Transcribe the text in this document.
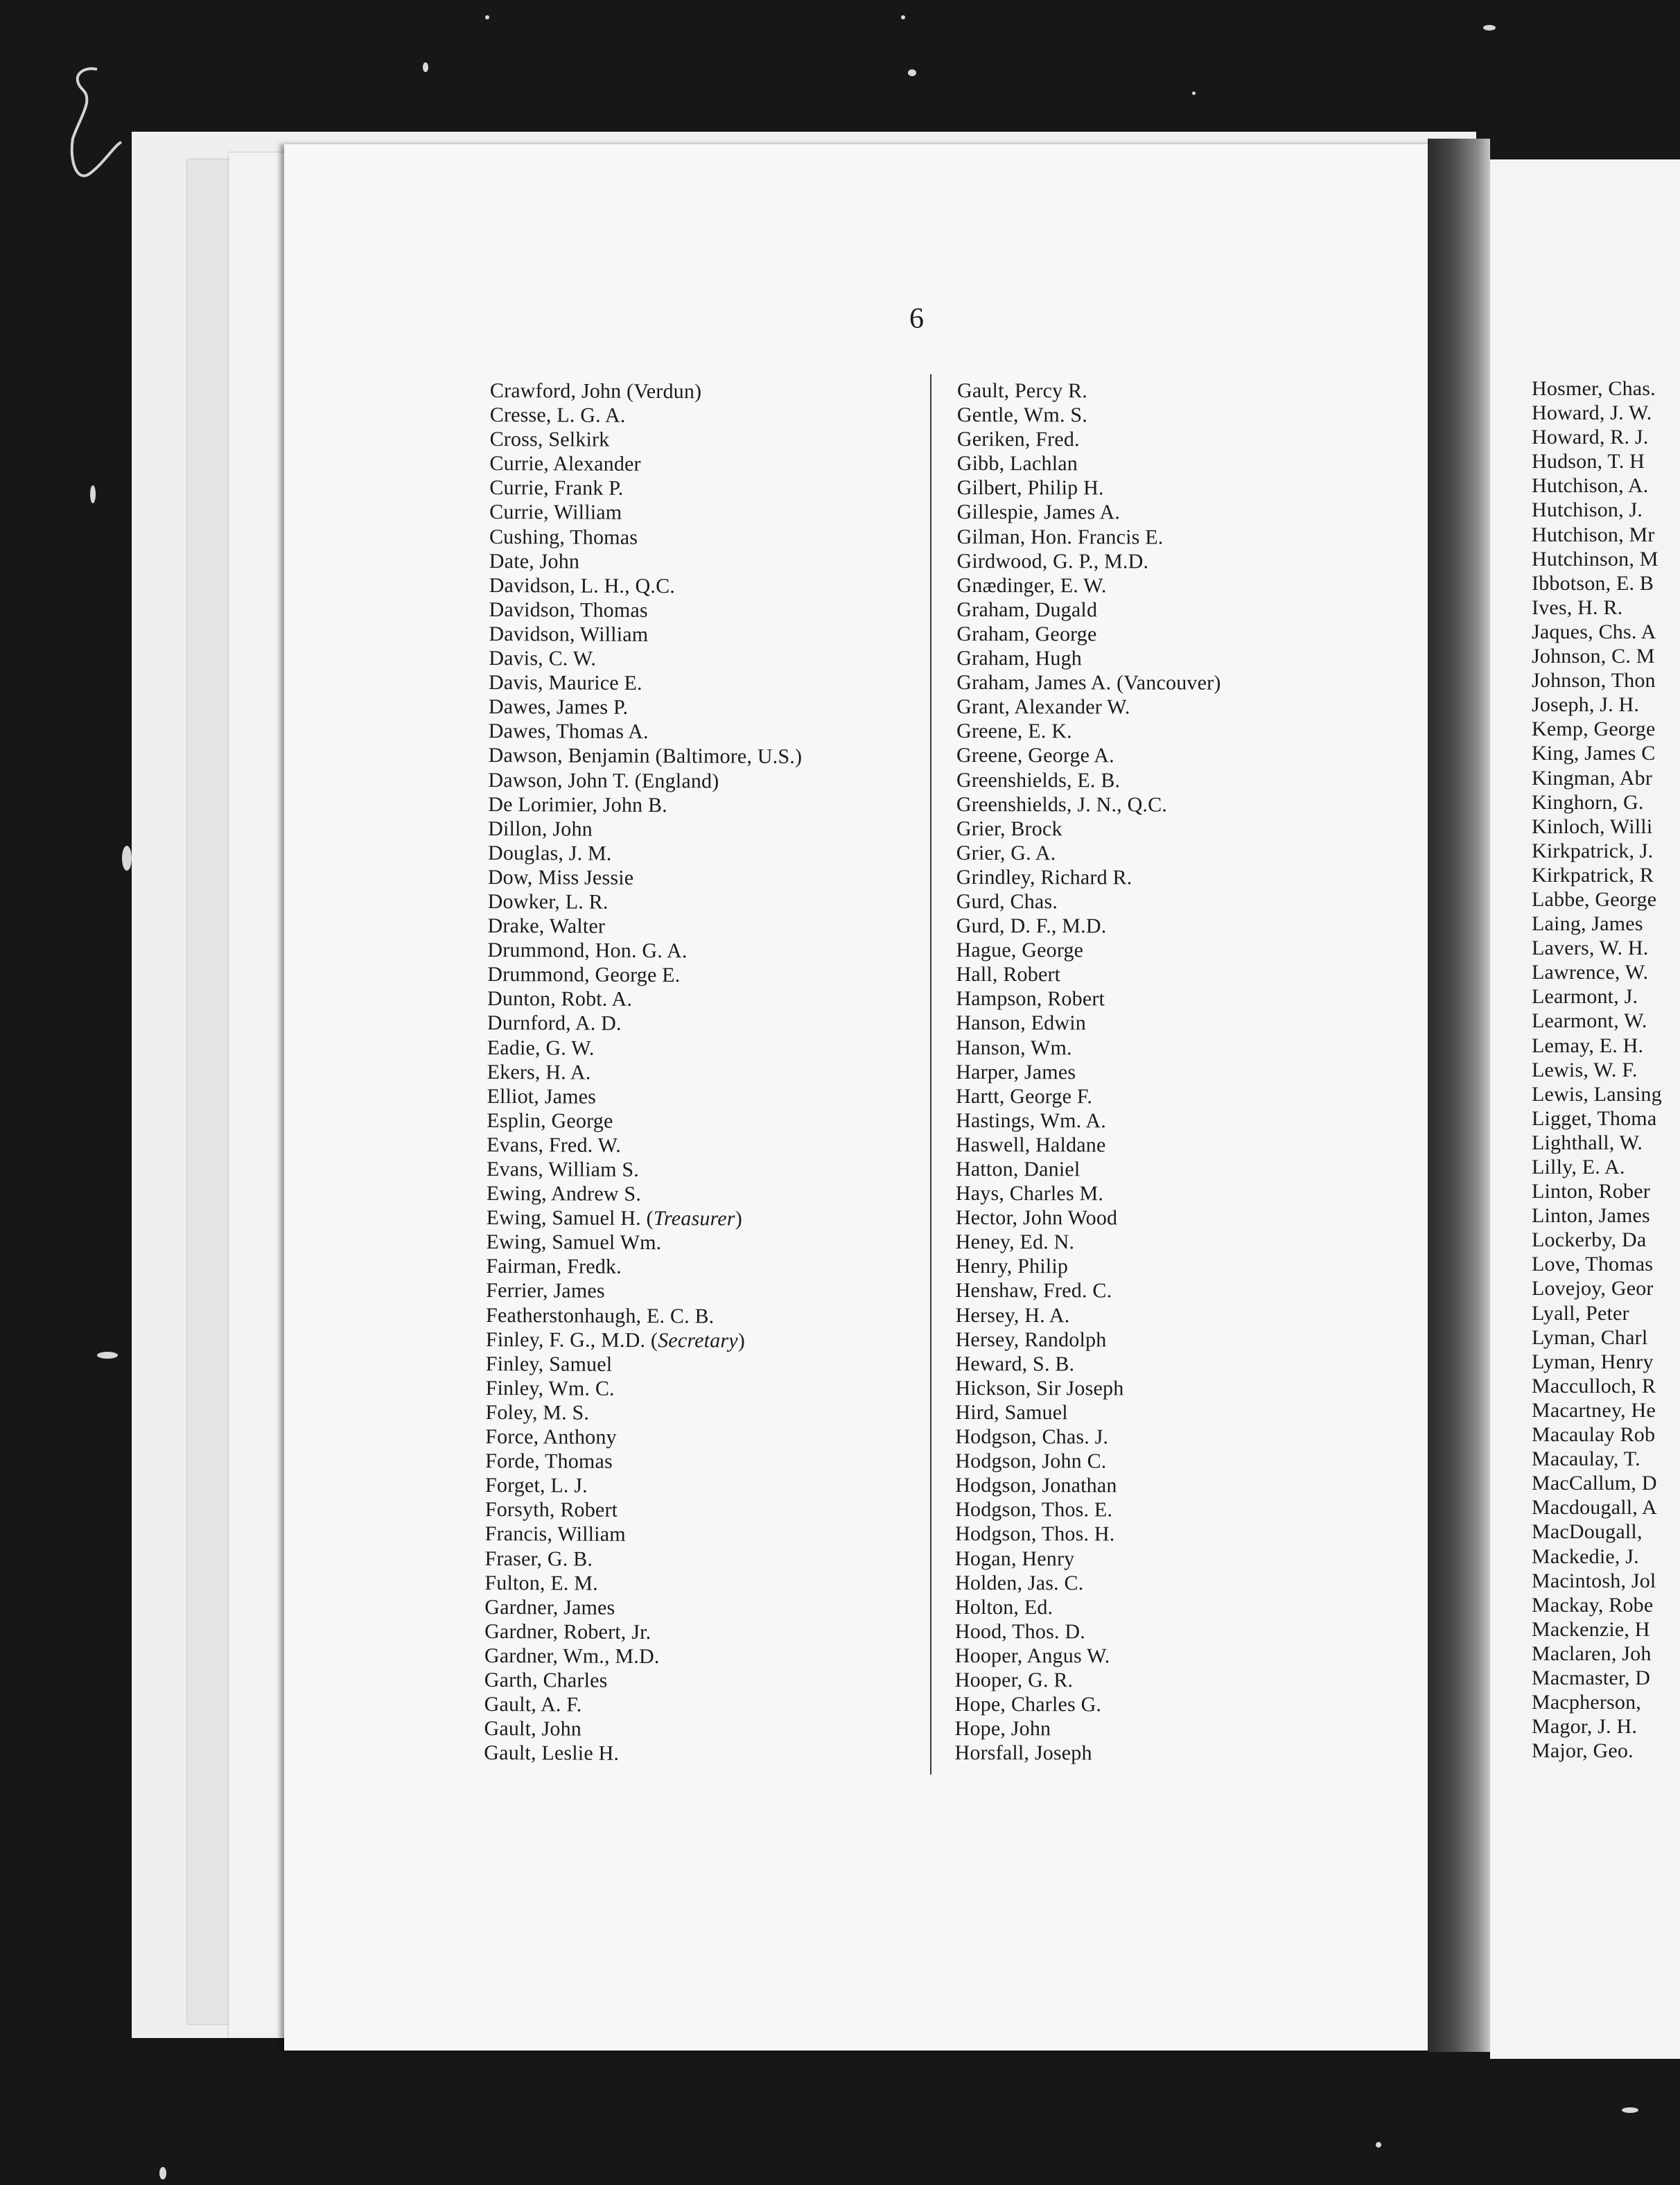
6
Crawford, John (Verdun)
Cresse, L. G. A.
Cross, Selkirk
Currie, Alexander
Currie, Frank P.
Currie, William
Cushing, Thomas
Date, John
Davidson, L. H., Q.C.
Davidson, Thomas
Davidson, William
Davis, C. W.
Davis, Maurice E.
Dawes, James P.
Dawes, Thomas A.
Dawson, Benjamin (Baltimore, U.S.)
Dawson, John T. (England)
De Lorimier, John B.
Dillon, John
Douglas, J. M.
Dow, Miss Jessie
Dowker, L. R.
Drake, Walter
Drummond, Hon. G. A.
Drummond, George E.
Dunton, Robt. A.
Durnford, A. D.
Eadie, G. W.
Ekers, H. A.
Elliot, James
Esplin, George
Evans, Fred. W.
Evans, William S.
Ewing, Andrew S.
Ewing, Samuel H. (Treasurer)
Ewing, Samuel Wm.
Fairman, Fredk.
Ferrier, James
Featherstonhaugh, E. C. B.
Finley, F. G., M.D. (Secretary)
Finley, Samuel
Finley, Wm. C.
Foley, M. S.
Force, Anthony
Forde, Thomas
Forget, L. J.
Forsyth, Robert
Francis, William
Fraser, G. B.
Fulton, E. M.
Gardner, James
Gardner, Robert, Jr.
Gardner, Wm., M.D.
Garth, Charles
Gault, A. F.
Gault, John
Gault, Leslie H.
Gault, Percy R.
Gentle, Wm. S.
Geriken, Fred.
Gibb, Lachlan
Gilbert, Philip H.
Gillespie, James A.
Gilman, Hon. Francis E.
Girdwood, G. P., M.D.
Gnædinger, E. W.
Graham, Dugald
Graham, George
Graham, Hugh
Graham, James A. (Vancouver)
Grant, Alexander W.
Greene, E. K.
Greene, George A.
Greenshields, E. B.
Greenshields, J. N., Q.C.
Grier, Brock
Grier, G. A.
Grindley, Richard R.
Gurd, Chas.
Gurd, D. F., M.D.
Hague, George
Hall, Robert
Hampson, Robert
Hanson, Edwin
Hanson, Wm.
Harper, James
Hartt, George F.
Hastings, Wm. A.
Haswell, Haldane
Hatton, Daniel
Hays, Charles M.
Hector, John Wood
Heney, Ed. N.
Henry, Philip
Henshaw, Fred. C.
Hersey, H. A.
Hersey, Randolph
Heward, S. B.
Hickson, Sir Joseph
Hird, Samuel
Hodgson, Chas. J.
Hodgson, John C.
Hodgson, Jonathan
Hodgson, Thos. E.
Hodgson, Thos. H.
Hogan, Henry
Holden, Jas. C.
Holton, Ed.
Hood, Thos. D.
Hooper, Angus W.
Hooper, G. R.
Hope, Charles G.
Hope, John
Horsfall, Joseph
Hosmer, Chas.
Howard, J. W.
Howard, R. J.
Hudson, T. H
Hutchison, A.
Hutchison, J.
Hutchison, Mr
Hutchinson, M
Ibbotson, E. B
Ives, H. R.
Jaques, Chs. A
Johnson, C. M
Johnson, Thon
Joseph, J. H.
Kemp, George
King, James C
Kingman, Abr
Kinghorn, G.
Kinloch, Willi
Kirkpatrick, J.
Kirkpatrick, R
Labbe, George
Laing, James
Lavers, W. H.
Lawrence, W.
Learmont, J.
Learmont, W.
Lemay, E. H.
Lewis, W. F.
Lewis, Lansing
Ligget, Thoma
Lighthall, W.
Lilly, E. A.
Linton, Rober
Linton, James
Lockerby, Da
Love, Thomas
Lovejoy, Geor
Lyall, Peter
Lyman, Charl
Lyman, Henry
Macculloch, R
Macartney, He
Macaulay Rob
Macaulay, T.
MacCallum, D
Macdougall, A
MacDougall,
Mackedie, J.
Macintosh, Jol
Mackay, Robe
Mackenzie, H
Maclaren, Joh
Macmaster, D
Macpherson,
Magor, J. H.
Major, Geo.
